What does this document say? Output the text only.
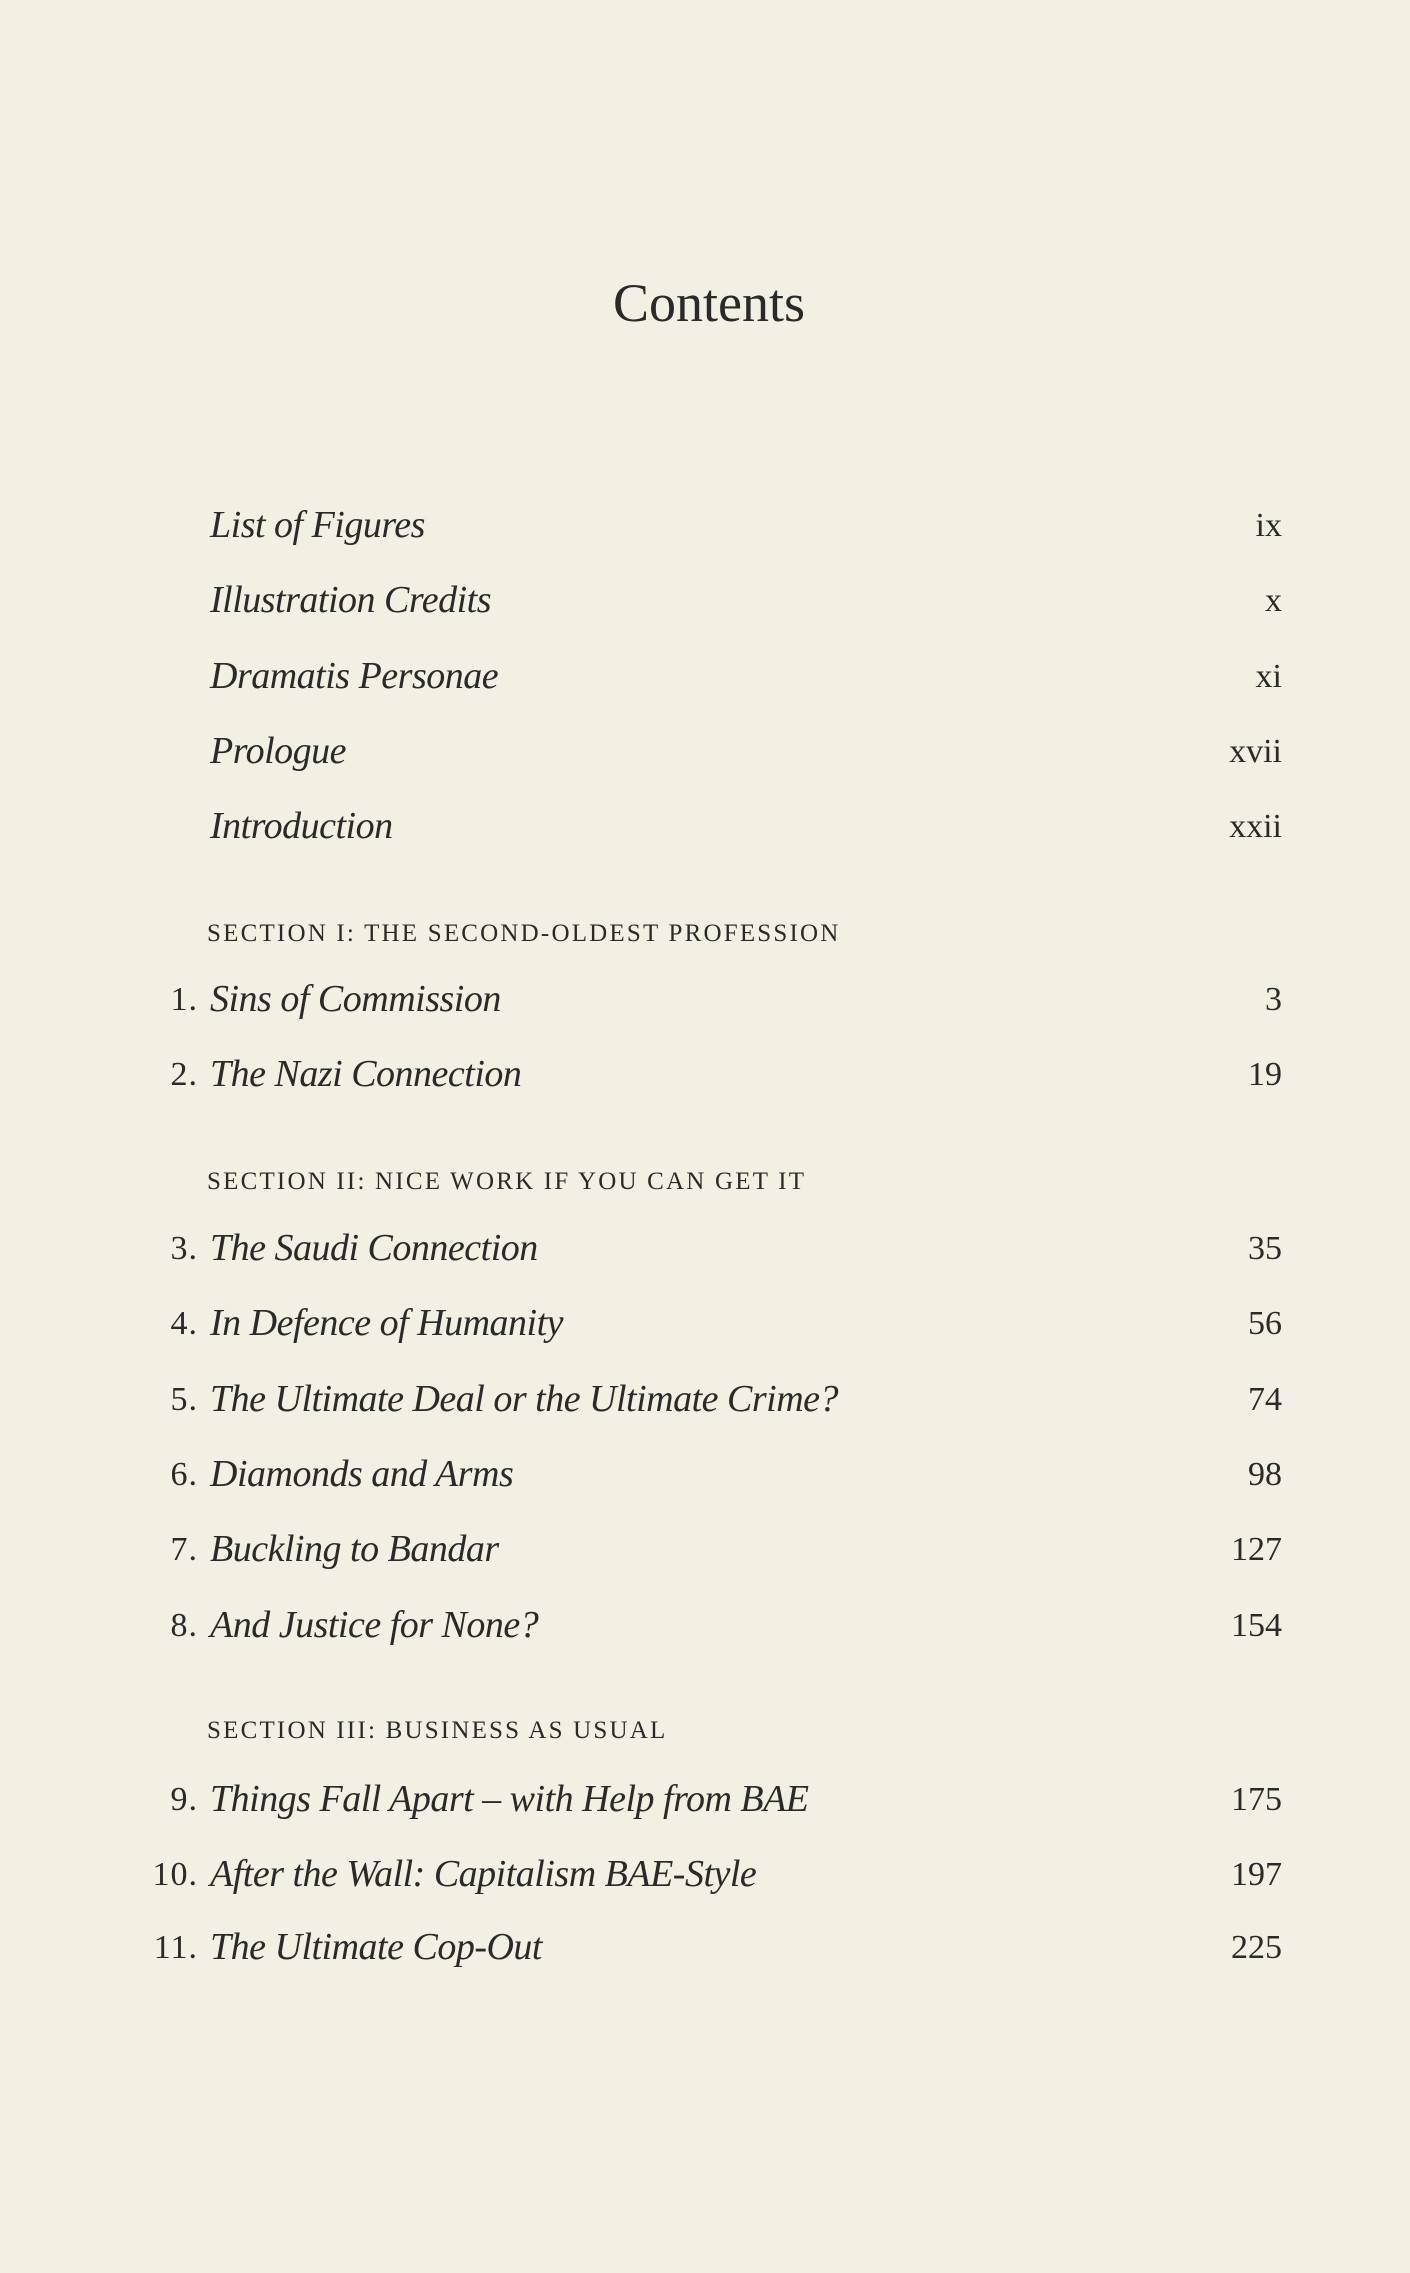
Contents
List of Figures	ix
Illustration Credits	x
Dramatis Personae	xi
Prologue	xvii
Introduction	xxii
SECTION I: THE SECOND-OLDEST PROFESSION
1. Sins of Commission	3
2. The Nazi Connection	19
SECTION II: NICE WORK IF YOU CAN GET IT
3. The Saudi Connection	35
4. In Defence of Humanity	56
5. The Ultimate Deal or the Ultimate Crime?	74
6. Diamonds and Arms	98
7. Buckling to Bandar	127
8. And Justice for None?	154
SECTION III: BUSINESS AS USUAL
9. Things Fall Apart – with Help from BAE	175
10. After the Wall: Capitalism BAE-Style	197
11. The Ultimate Cop-Out	225
